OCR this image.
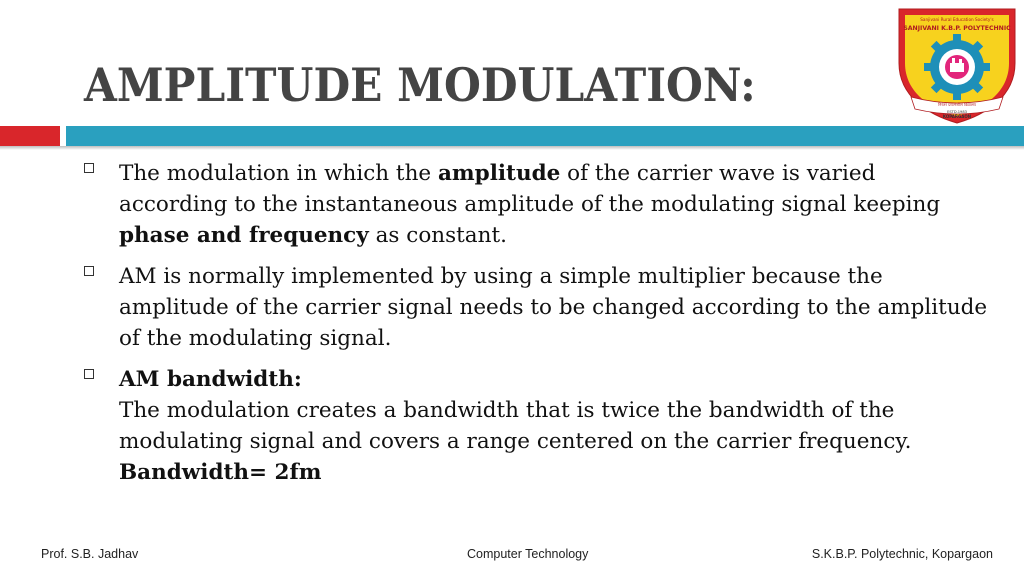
AMPLITUDE MODULATION:
Sanjivani Rural Education Society's
SANJIVANI K.B.P. POLYTECHNIC
निरंतर प्रयत्नशील विद्यालय
ESTD.1983
KOPARGAON
The modulation in which the amplitude of the carrier wave is varied
according to the instantaneous amplitude of the modulating signal keeping
phase and frequency as constant.
AM is normally implemented by using a simple multiplier because the
amplitude of the carrier signal needs to be changed according to the amplitude
of the modulating signal.
AM bandwidth:
The modulation creates a bandwidth that is twice the bandwidth of the
modulating signal and covers a range centered on the carrier frequency.
Bandwidth= 2fm
Prof. S.B. Jadhav	Computer Technology	S.K.B.P. Polytechnic, Kopargaon
